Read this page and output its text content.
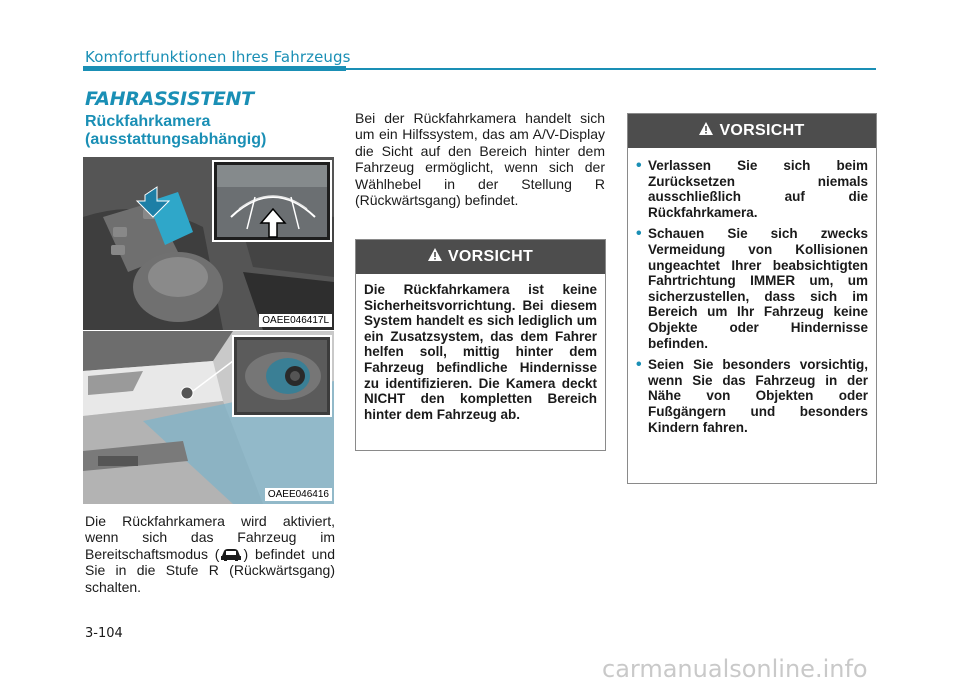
Komfortfunktionen Ihres Fahrzeugs
FAHRASSISTENT
Rückfahrkamera (ausstattungsabhängig)
OAEE046417L
OAEE046416
Die Rückfahrkamera wird aktiviert, wenn sich das Fahrzeug im Bereitschaftsmodus ( ) befindet und Sie in die Stufe R (Rückwärtsgang) schalten.
Bei der Rückfahrkamera handelt sich um ein Hilfssystem, das am A/V-Display die Sicht auf den Bereich hinter dem Fahrzeug ermöglicht, wenn sich der Wählhebel in der Stellung R (Rückwärtsgang) befindet.
VORSICHT
Die Rückfahrkamera ist keine Sicherheitsvorrichtung. Bei diesem System handelt es sich lediglich um ein Zusatzsystem, das dem Fahrer helfen soll, mittig hinter dem Fahrzeug befindliche Hindernisse zu identifizieren. Die Kamera deckt NICHT den kompletten Bereich hinter dem Fahrzeug ab.
VORSICHT
• Verlassen Sie sich beim Zurücksetzen niemals ausschließlich auf die Rückfahrkamera.
• Schauen Sie sich zwecks Vermeidung von Kollisionen ungeachtet Ihrer beabsichtigten Fahrtrichtung IMMER um, um sicherzustellen, dass sich im Bereich um Ihr Fahrzeug keine Objekte oder Hindernisse befinden.
• Seien Sie besonders vorsichtig, wenn Sie das Fahrzeug in der Nähe von Objekten oder Fußgängern und besonders Kindern fahren.
3-104
carmanualsonline.info
